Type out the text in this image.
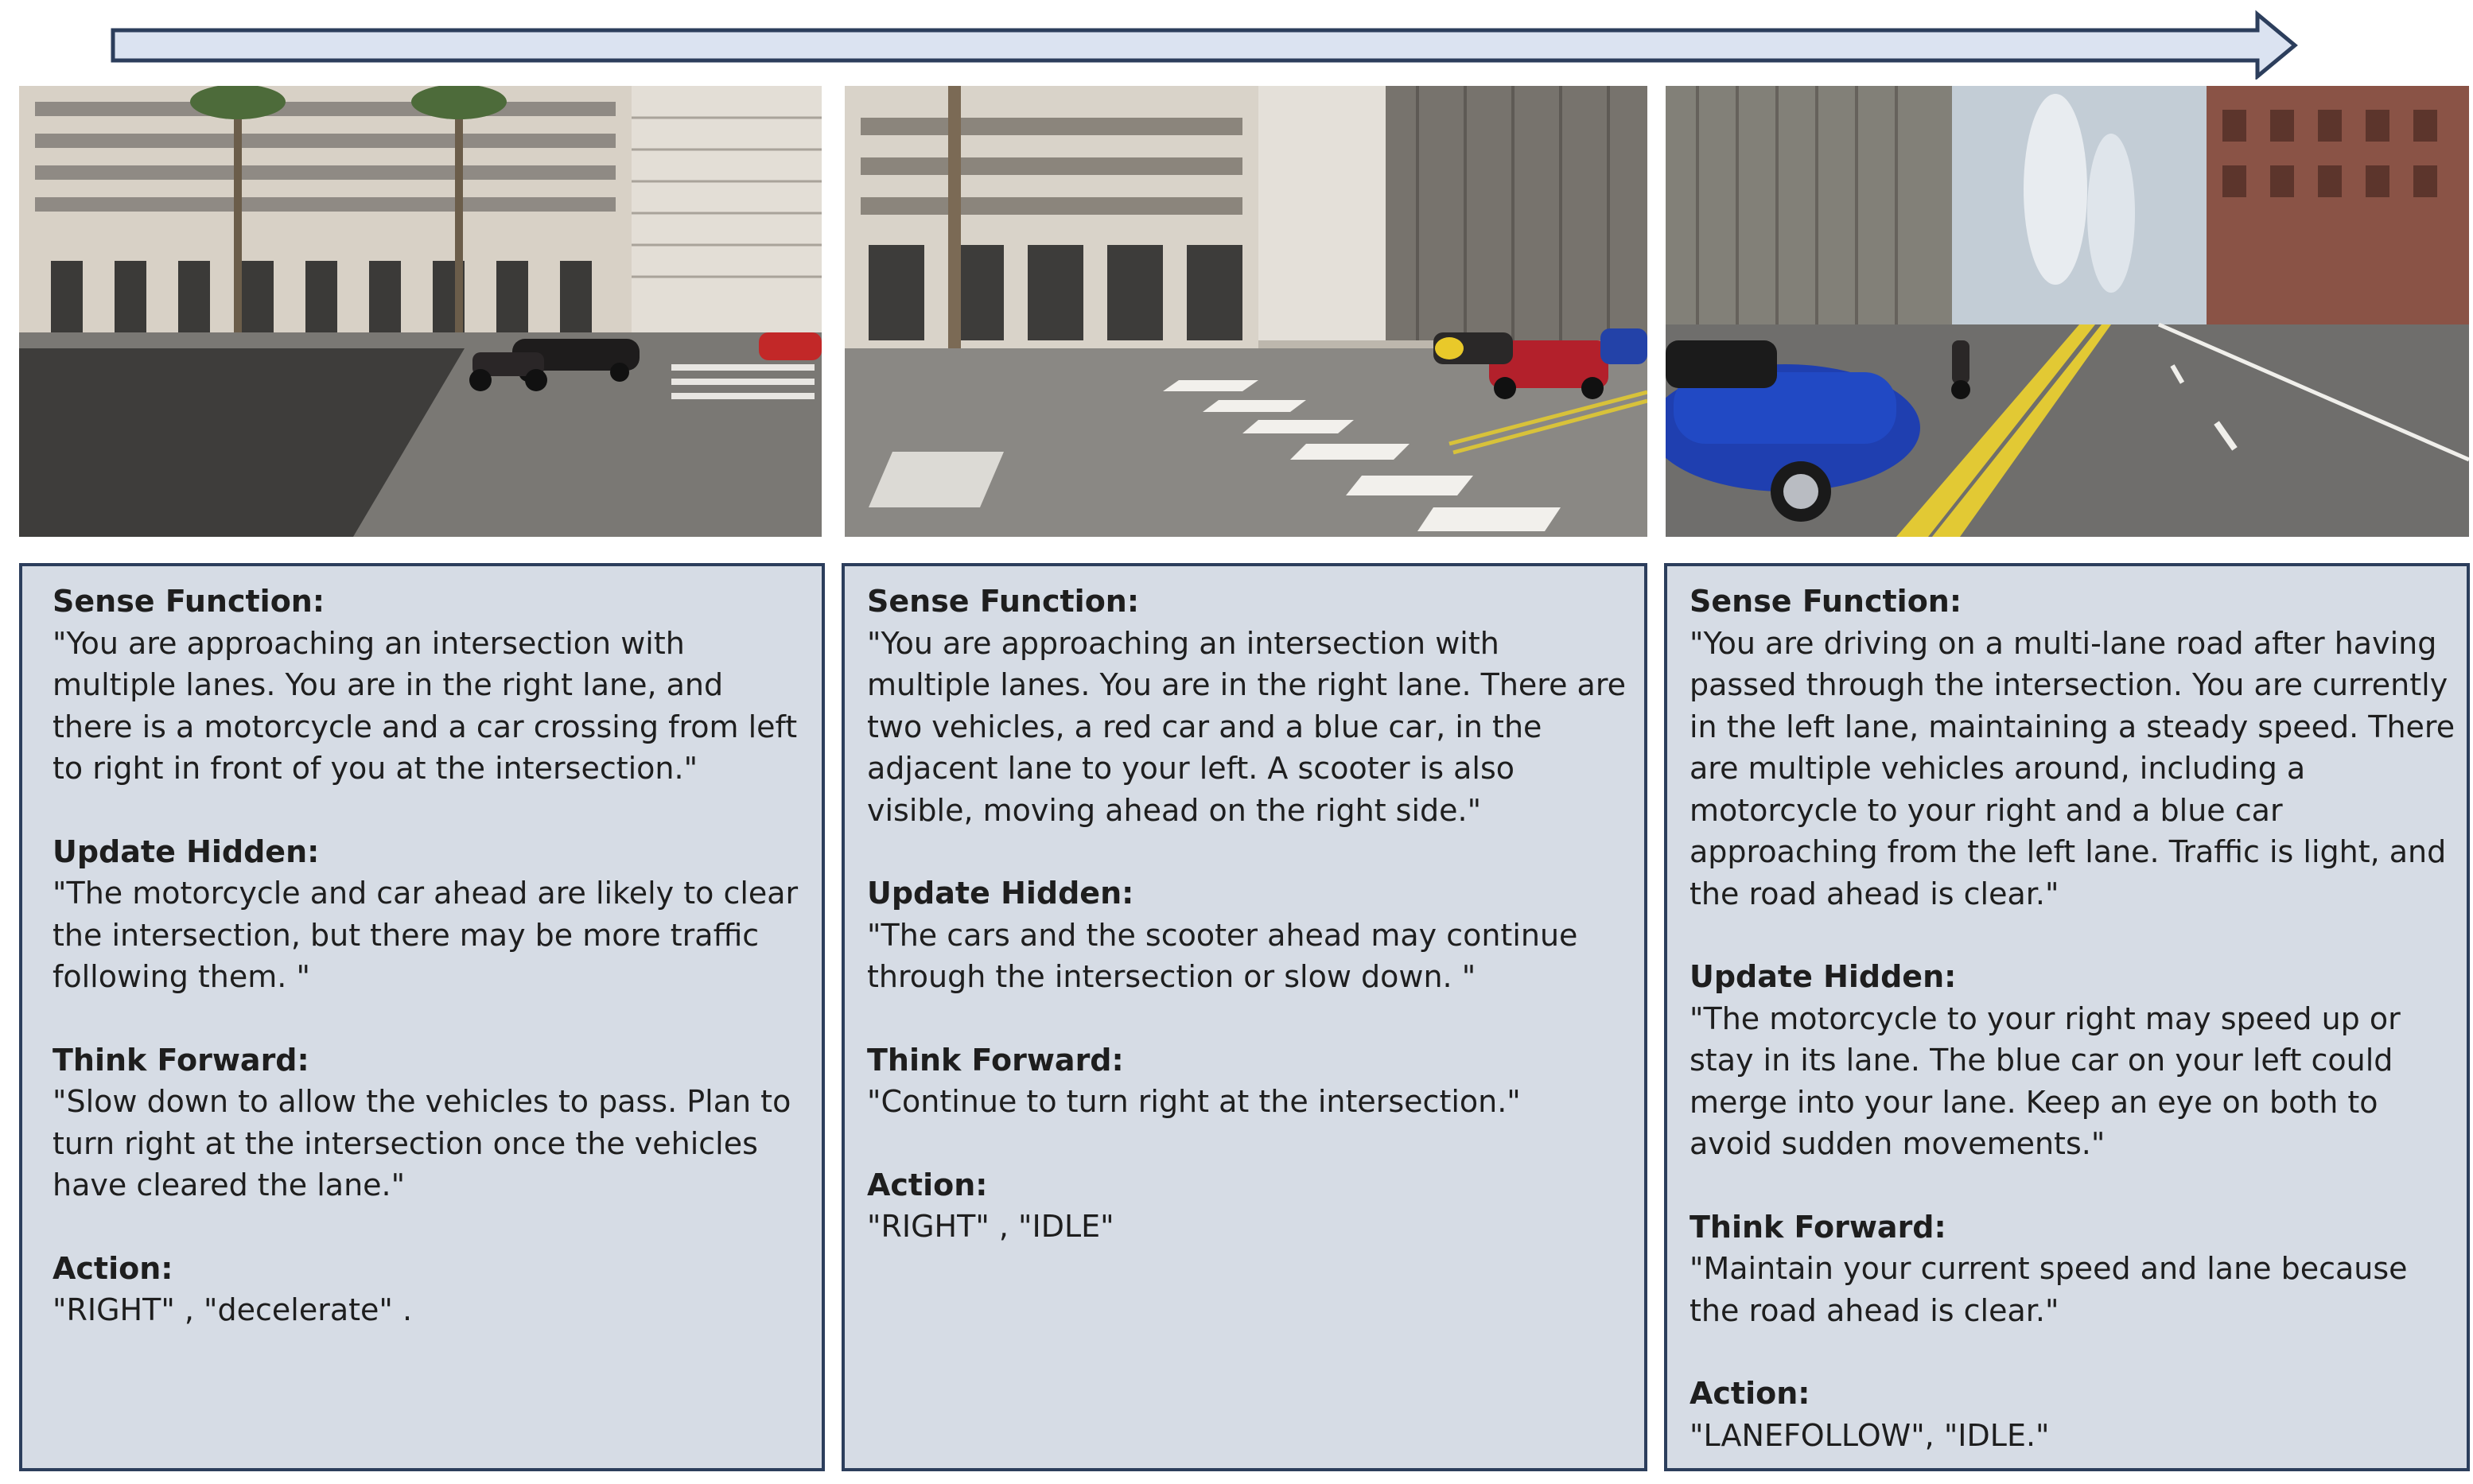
Sense Function:

"You are approaching an intersection with multiple lanes. You are in the right lane, and there is a motorcycle and a car crossing from left to right in front of you at the intersection."

Update Hidden:

"The motorcycle and car ahead are likely to clear the intersection, but there may be more traffic following them. "

Think Forward:

"Slow down to allow the vehicles to pass. Plan to turn right at the intersection once the vehicles have cleared the lane."

Action:

"RIGHT" , "decelerate" .

Sense Function:

"You are approaching an intersection with multiple lanes. You are in the right lane. There are two vehicles, a red car and a blue car, in the adjacent lane to your left. A scooter is also visible, moving ahead on the right side."

Update Hidden:

"The cars and the scooter ahead may continue through the intersection or slow down. "

Think Forward:

"Continue to turn right at the intersection."

Action:

"RIGHT" , "IDLE"

Sense Function:

"You are driving on a multi-lane road after having passed through the intersection. You are currently in the left lane, maintaining a steady speed. There are multiple vehicles around, including a motorcycle to your right and a blue car approaching from the left lane. Traffic is light, and the road ahead is clear."

Update Hidden:

"The motorcycle to your right may speed up or stay in its lane. The blue car on your left could merge into your lane. Keep an eye on both to avoid sudden movements."

Think Forward:

"Maintain your current speed and lane because the road ahead is clear."

Action:

"LANEFOLLOW", "IDLE."
